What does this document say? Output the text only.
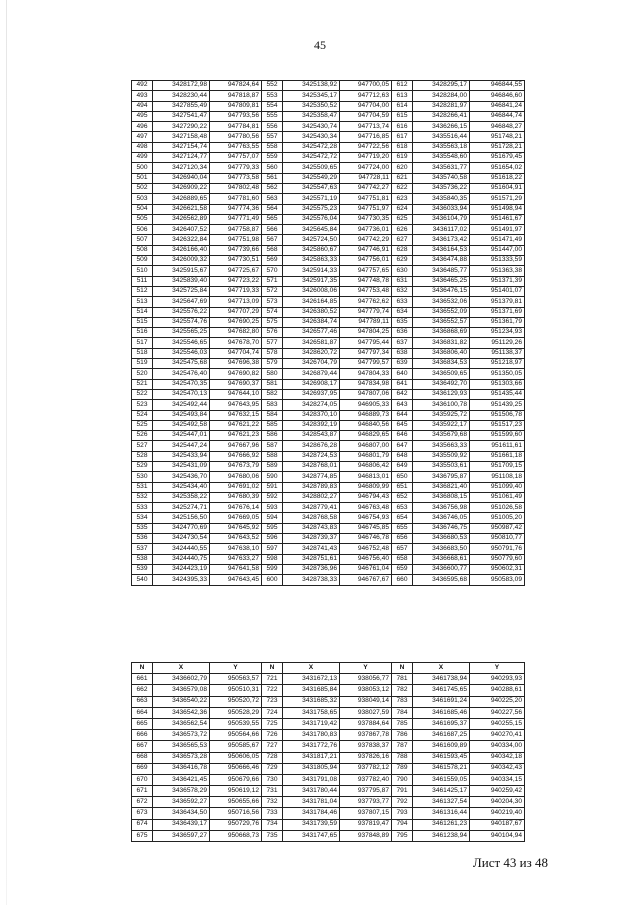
45
492	3428172,98	947824,64	552	3425138,92	947700,05	612	3428295,17	946844,55
493	3428230,44	947818,87	553	3425345,17	947712,63	613	3428284,00	946846,60
494	3427855,49	947809,81	554	3425350,52	947704,00	614	3428281,97	946841,24
495	3427541,47	947793,56	555	3425358,47	947704,59	615	3428266,41	946844,74
496	3427290,22	947784,81	556	3425430,74	947713,74	616	3436266,15	946848,27
497	3427158,48	947780,56	557	3425430,34	947716,85	617	3435516,44	951748,21
498	3427154,74	947763,55	558	3425472,28	947722,56	618	3435563,18	951728,21
499	3427124,77	947757,07	559	3425472,72	947719,20	619	3435548,60	951679,45
500	3427120,34	947779,33	560	3425509,65	947724,00	620	3435631,77	951654,02
501	3426940,04	947773,58	561	3425549,29	947728,11	621	3435740,58	951618,22
502	3426909,22	947802,48	562	3425547,63	947742,27	622	3435736,22	951604,91
503	3426889,65	947781,60	563	3425571,19	947751,81	623	3435840,35	951571,29
504	3426621,58	947774,36	564	3425575,23	947751,97	624	3436033,94	951498,94
505	3426562,89	947771,49	565	3425576,04	947730,35	625	3436104,79	951461,67
506	3426407,52	947758,87	566	3425645,84	947736,01	626	3436117,02	951491,97
507	3426322,84	947751,98	567	3425724,50	947742,29	627	3436173,42	951471,49
508	3426166,40	947739,66	568	3425860,67	947746,91	628	3436164,53	951447,00
509	3426009,32	947730,51	569	3425863,33	947756,01	629	3436474,88	951333,59
510	3425915,67	947725,67	570	3425914,33	947757,65	630	3436485,77	951363,38
511	3425839,40	947723,22	571	3425917,35	947748,78	631	3436465,25	951371,39
512	3425725,84	947719,33	572	3426008,06	947753,48	632	3436476,15	951401,07
513	3425647,69	947713,09	573	3426164,85	947762,62	633	3436532,06	951379,81
514	3425576,22	947707,29	574	3426380,52	947779,74	634	3436552,09	951371,69
515	3425574,76	947690,25	575	3426384,74	947789,11	635	3436552,57	951361,79
516	3425565,25	947682,80	576	3426577,46	947804,25	636	3436868,69	951234,93
517	3425546,65	947678,70	577	3426581,87	947795,44	637	3436831,82	951129,26
518	3425546,03	947704,74	578	3428620,72	947797,34	638	3436806,40	951138,37
519	3425475,68	947696,38	579	3426704,79	947799,57	639	3436834,53	951218,97
520	3425476,40	947690,82	580	3426879,44	947804,33	640	3436509,65	951350,05
521	3425470,35	947690,37	581	3426908,17	947834,98	641	3436492,70	951303,66
522	3425470,13	947644,10	582	3426937,95	947807,06	642	3436129,93	951435,44
523	3425492,44	947643,95	583	3428274,05	946905,33	643	3436100,78	951439,25
524	3425493,84	947632,15	584	3428370,10	946889,73	644	3435925,72	951506,78
525	3425492,58	947621,22	585	3428392,19	946840,56	645	3435922,17	951517,23
526	3425447,01	947621,23	586	3428543,87	946829,65	646	3435679,68	951599,60
527	3425447,24	947667,96	587	3428676,28	946807,00	647	3435663,33	951611,61
528	3425433,94	947666,92	588	3428724,53	946801,79	648	3435509,92	951661,18
529	3425431,09	947673,79	589	3428768,01	946806,42	649	3435503,61	951709,15
530	3425436,70	947680,06	590	3428774,85	946813,01	650	3436795,87	951108,18
531	3425434,40	947691,02	591	3428789,83	946809,99	651	3436821,40	951099,40
532	3425358,22	947680,39	592	3428802,27	946794,43	652	3436808,15	951061,49
533	3425274,71	947676,14	593	3428779,41	946763,48	653	3436756,98	951026,58
534	3425156,50	947669,05	594	3428768,58	946754,93	654	3436746,05	951005,20
535	3424770,69	947645,92	595	3428743,83	946745,85	655	3436746,75	950987,42
536	3424730,54	947643,52	596	3428739,37	946746,78	656	3436680,53	950810,77
537	3424440,55	947638,10	597	3428741,43	946752,48	657	3436683,50	950791,76
538	3424440,75	947633,27	598	3428751,61	946756,40	658	3436668,61	950779,60
539	3424423,19	947641,58	599	3428736,96	946761,04	659	3436600,77	950602,31
540	3424395,33	947643,45	600	3428738,33	946767,67	660	3436595,68	950583,09
N	X	Y	N	X	Y	N	X	Y
661	3436602,79	950563,57	721	3431672,13	938056,77	781	3461738,94	940293,93
662	3436579,08	950510,31	722	3431685,84	938053,12	782	3461745,65	940288,61
663	3436540,22	950520,72	723	3431685,32	938049,14	783	3461691,24	940225,20
664	3436542,36	950528,29	724	3431758,65	938027,59	784	3461685,46	940227,56
665	3436562,54	950539,55	725	3431719,42	937884,64	785	3461695,37	940255,15
666	3436573,72	950564,66	726	3431780,83	937867,78	786	3461687,25	940270,41
667	3436565,53	950585,67	727	3431772,76	937838,37	787	3461609,89	940334,00
668	3436573,28	950606,05	728	3431817,21	937826,16	788	3461593,45	940342,18
669	3436416,78	950666,46	729	3431805,94	937782,12	789	3461578,21	940342,43
670	3436421,45	950679,66	730	3431791,08	937782,40	790	3461559,05	940334,15
671	3436578,29	950619,12	731	3431780,44	937795,87	791	3461425,17	940259,42
672	3436592,27	950655,66	732	3431781,04	937793,77	792	3461327,54	940204,30
673	3436434,50	950716,56	733	3431784,46	937807,15	793	3461316,44	940219,40
674	3436439,17	950729,76	734	3431739,59	937819,47	794	3461261,23	940187,67
675	3436597,27	950668,73	735	3431747,65	937848,89	795	3461238,94	940104,94
Лист 43 из 48
